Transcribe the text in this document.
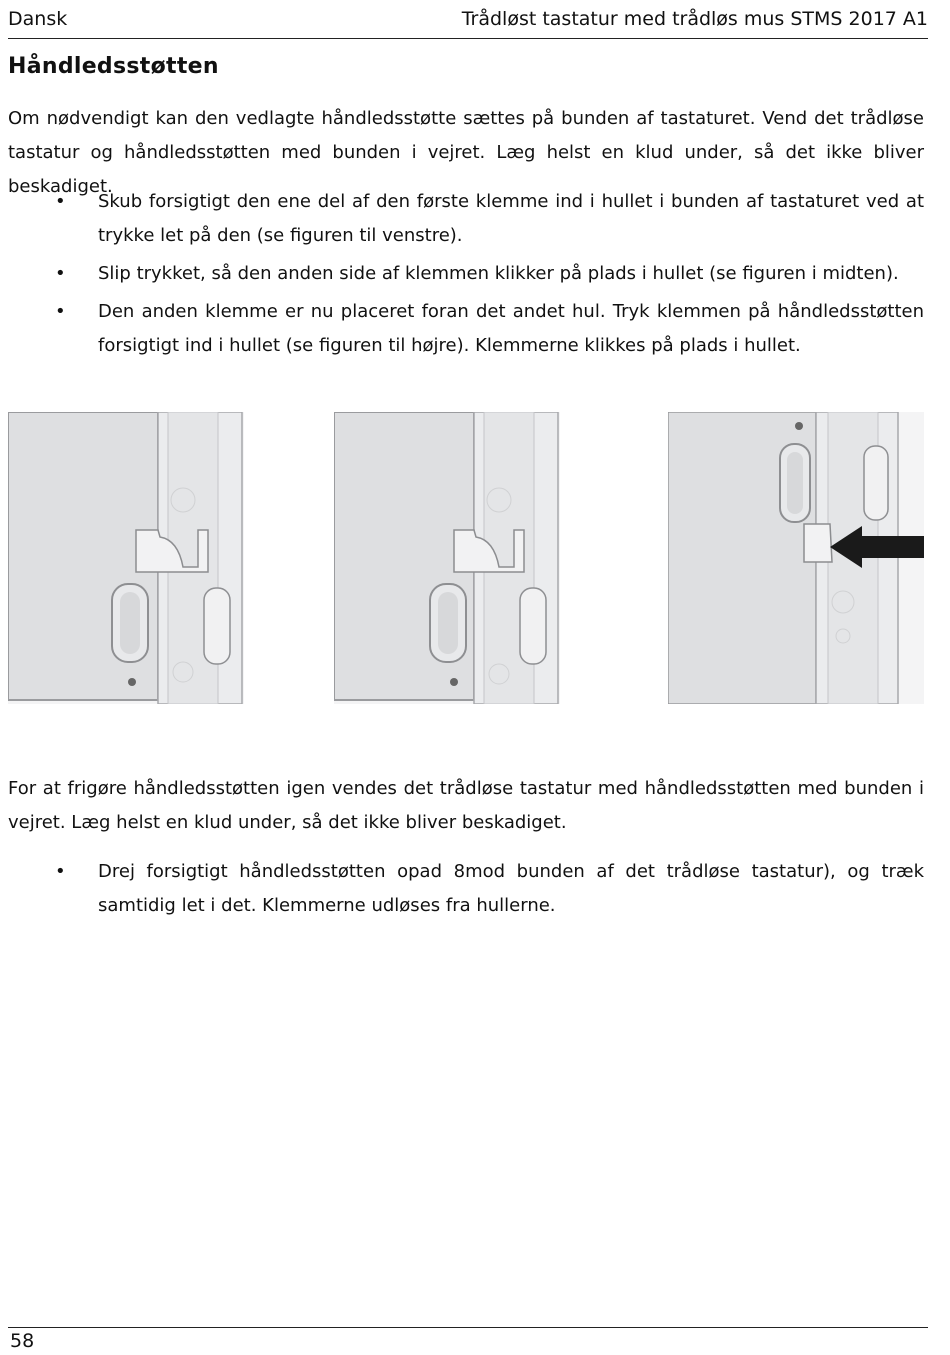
Dansk	Trådløst tastatur med trådløs mus STMS 2017 A1
Håndledsstøtten

Om nødvendigt kan den vedlagte håndledsstøtte sættes på bunden af tastaturet. Vend det trådløse tastatur og håndledsstøtten med bunden i vejret. Læg helst en klud under, så det ikke bliver beskadiget.

• Skub forsigtigt den ene del af den første klemme ind i hullet i bunden af tastaturet ved at trykke let på den (se figuren til venstre).
• Slip trykket, så den anden side af klemmen klikker på plads i hullet (se figuren i midten).
• Den anden klemme er nu placeret foran det andet hul. Tryk klemmen på håndledsstøtten forsigtigt ind i hullet (se figuren til højre). Klemmerne klikkes på plads i hullet.

For at frigøre håndledsstøtten igen vendes det trådløse tastatur med håndledsstøtten med bunden i vejret. Læg helst en klud under, så det ikke bliver beskadiget.

• Drej forsigtigt håndledsstøtten opad 8mod bunden af det trådløse tastatur), og træk samtidig let i det. Klemmerne udløses fra hullerne.
58
